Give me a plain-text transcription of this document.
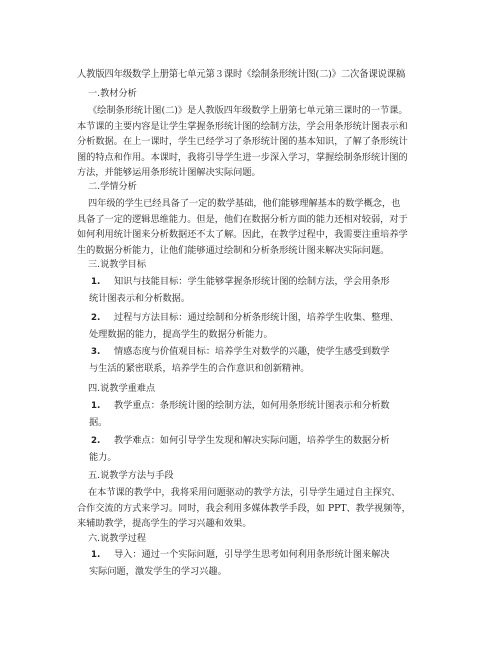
人教版四年级数学上册第七单元第３课时《绘制条形统计图(二)》二次备课说课稿
一.教材分析
《绘制条形统计图(二)》是人教版四年级数学上册第七单元第三课时的一节课。
本节课的主要内容是让学生掌握条形统计图的绘制方法，学会用条形统计图表示和
分析数据。在上一课时，学生已经学习了条形统计图的基本知识，了解了条形统计
图的特点和作用。本课时，我将引导学生进一步深入学习，掌握绘制条形统计图的
方法，并能够运用条形统计图解决实际问题。
二.学情分析
四年级的学生已经具备了一定的数学基础，他们能够理解基本的数学概念，也
具备了一定的逻辑思维能力。但是，他们在数据分析方面的能力还相对较弱，对于
如何利用统计图来分析数据还不太了解。因此，在教学过程中，我需要注重培养学
生的数据分析能力，让他们能够通过绘制和分析条形统计图来解决实际问题。
三.说教学目标
1. 知识与技能目标：学生能够掌握条形统计图的绘制方法，学会用条形
统计图表示和分析数据。
2. 过程与方法目标：通过绘制和分析条形统计图，培养学生收集、整理、
处理数据的能力，提高学生的数据分析能力。
3. 情感态度与价值观目标：培养学生对数学的兴趣，使学生感受到数学
与生活的紧密联系，培养学生的合作意识和创新精神。
四.说教学重难点
1. 教学重点：条形统计图的绘制方法，如何用条形统计图表示和分析数
据。
2. 教学难点：如何引导学生发现和解决实际问题，培养学生的数据分析
能力。
五.说教学方法与手段
在本节课的教学中，我将采用问题驱动的教学方法，引导学生通过自主探究、
合作交流的方式来学习。同时，我会利用多媒体教学手段，如 PPT、教学视频等，
来辅助教学，提高学生的学习兴趣和效果。
六.说教学过程
1. 导入：通过一个实际问题，引导学生思考如何利用条形统计图来解决
实际问题，激发学生的学习兴趣。
